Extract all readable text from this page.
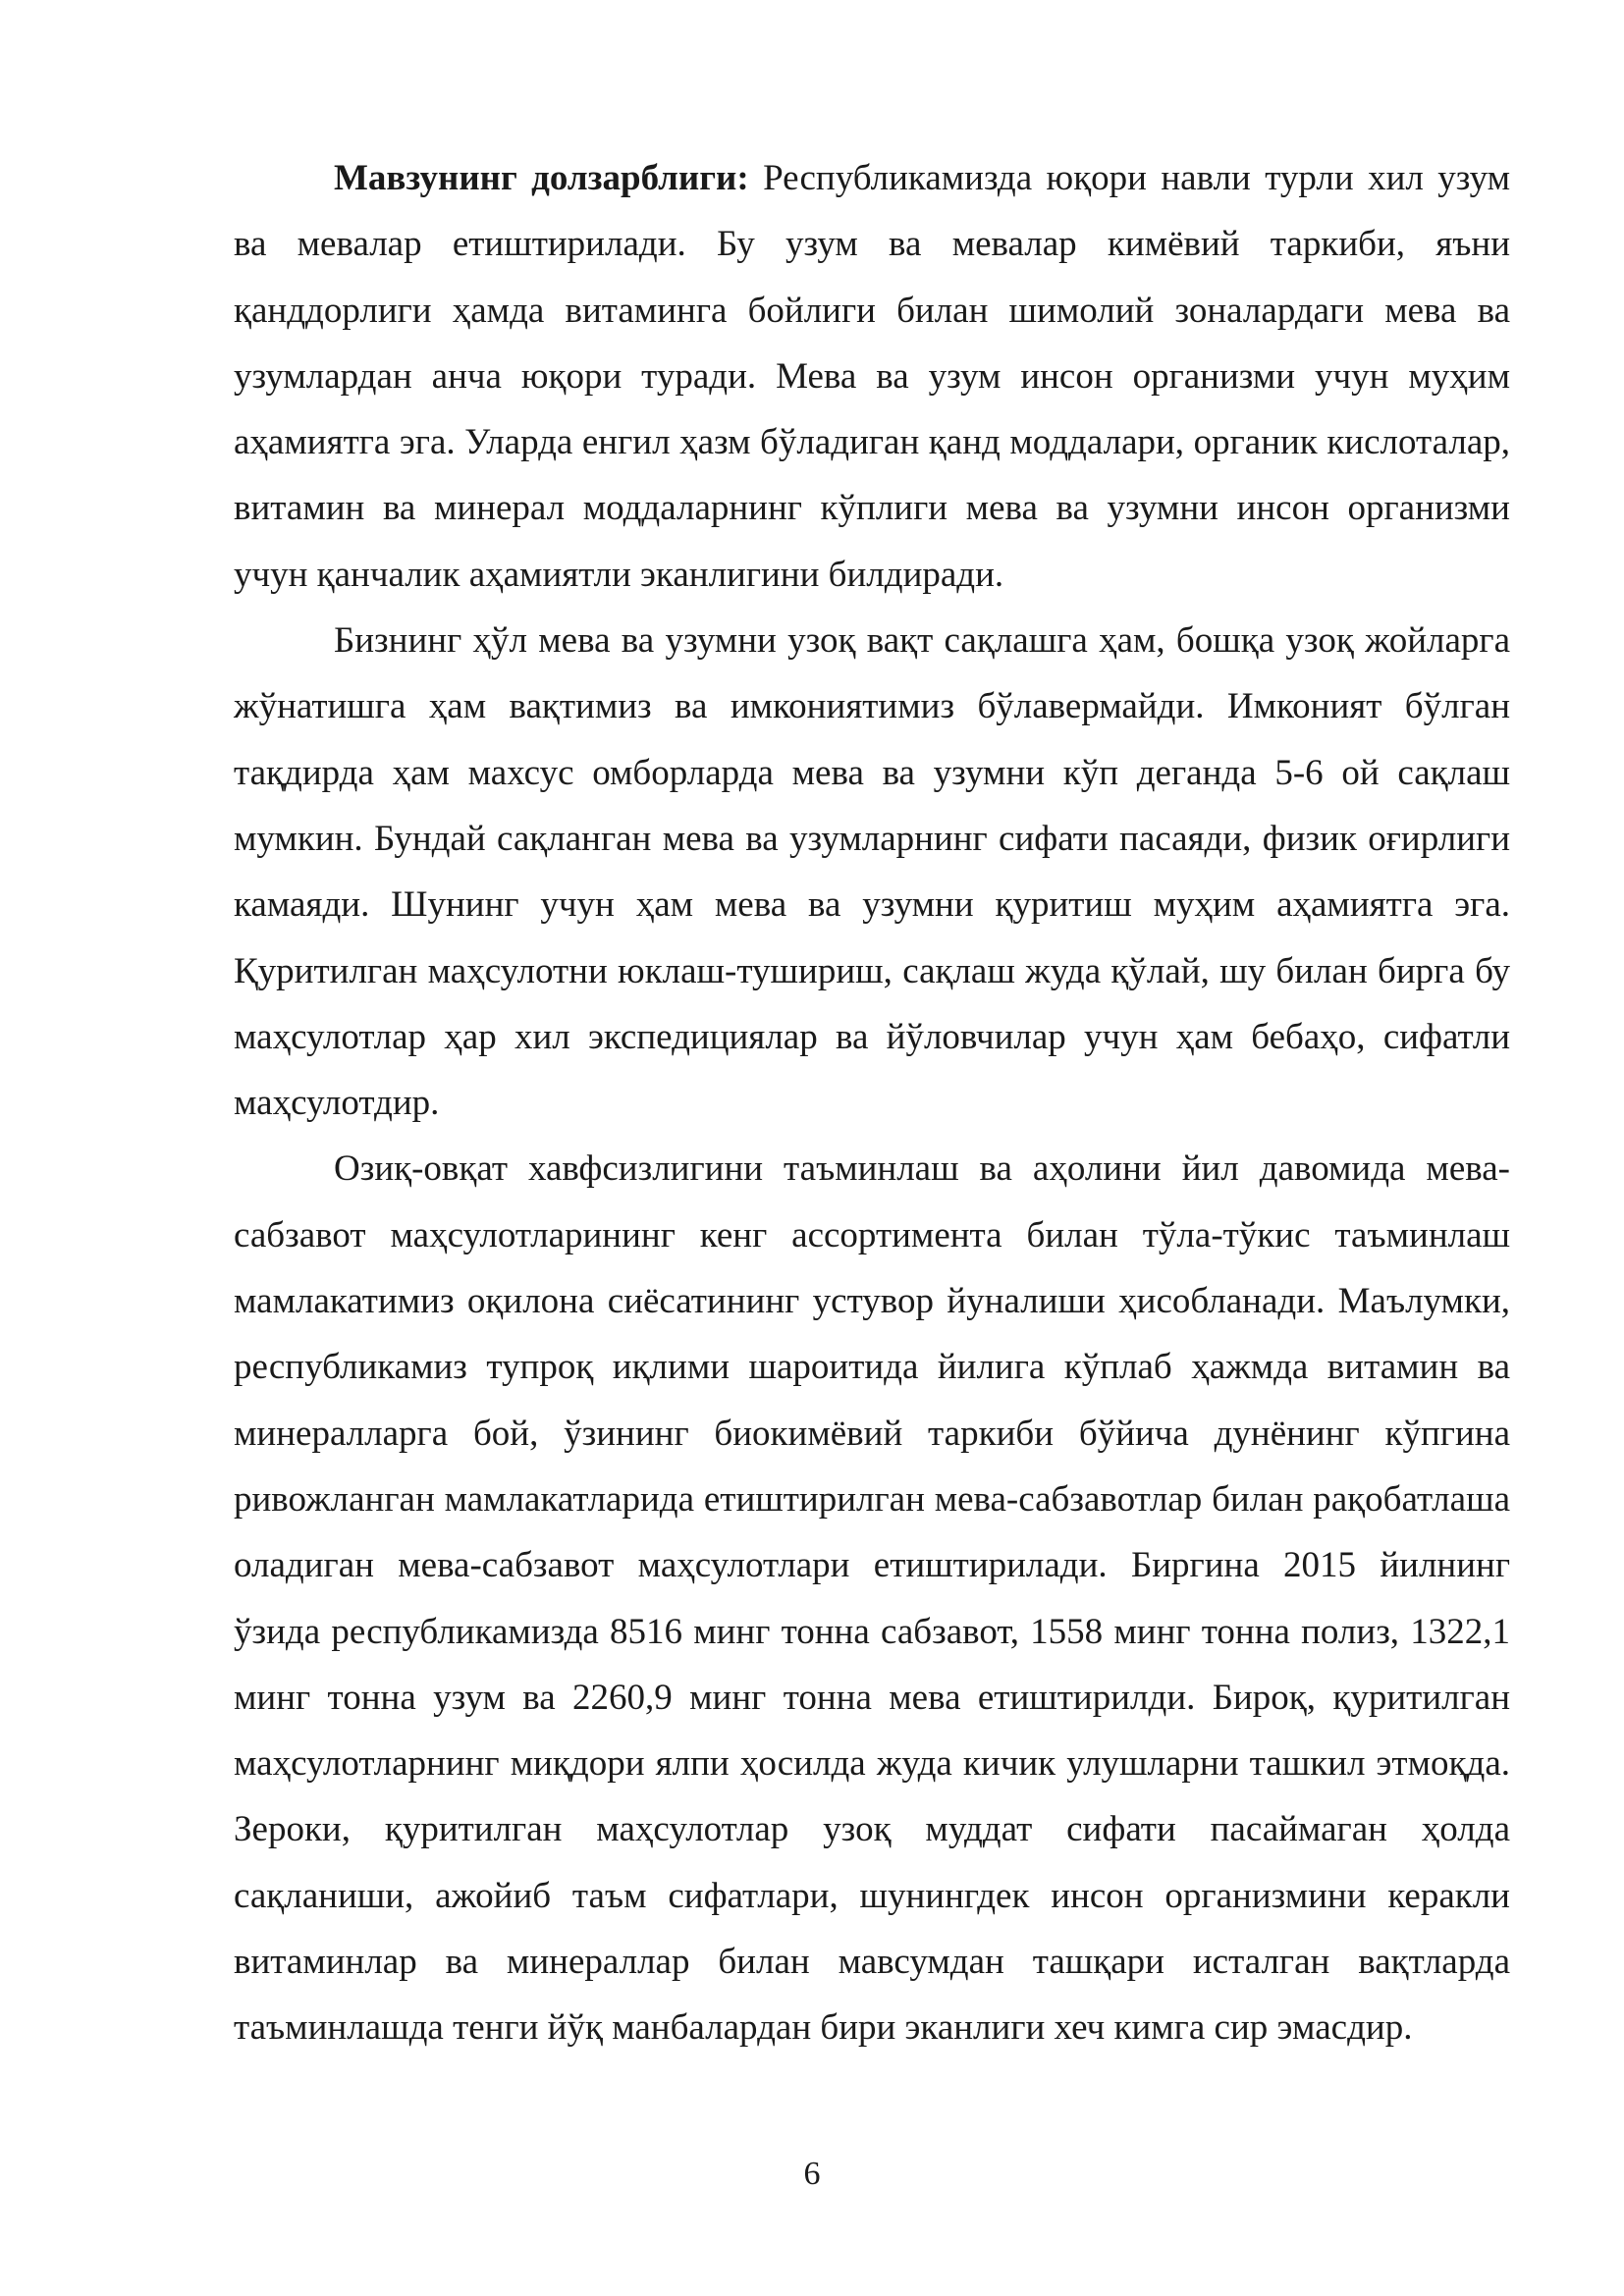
Мавзунинг долзарблиги: Республикамизда юқори навли турли хил узум ва мевалар етиштирилади. Бу узум ва мевалар кимёвий таркиби, яъни қанддорлиги ҳамда витаминга бойлиги билан шимолий зоналардаги мева ва узумлардан анча юқори туради. Мева ва узум инсон организми учун муҳим аҳамиятга эга. Уларда енгил ҳазм бўладиган қанд моддалари, органик кислоталар, витамин ва минерал моддаларнинг кўплиги мева ва узумни инсон организми учун қанчалик аҳамиятли эканлигини билдиради.

Бизнинг ҳўл мева ва узумни узоқ вақт сақлашга ҳам, бошқа узоқ жойларга жўнатишга ҳам вақтимиз ва имкониятимиз бўлавермайди. Имконият бўлган тақдирда ҳам махсус омборларда мева ва узумни кўп деганда 5-6 ой сақлаш мумкин. Бундай сақланган мева ва узумларнинг сифати пасаяди, физик оғирлиги камаяди. Шунинг учун ҳам мева ва узумни қуритиш муҳим аҳамиятга эга. Қуритилган маҳсулотни юклаш-тушириш, сақлаш жуда қўлай, шу билан бирга бу маҳсулотлар ҳар хил экспедициялар ва йўловчилар учун ҳам бебаҳо, сифатли маҳсулотдир.

Озиқ-овқат хавфсизлигини таъминлаш ва аҳолини йил давомида мева-сабзавот маҳсулотларининг кенг ассортимента билан тўла-тўкис таъминлаш мамлакатимиз оқилона сиёсатининг устувор йуналиши ҳисобланади. Маълумки, республикамиз тупроқ иқлими шароитида йилига кўплаб ҳажмда витамин ва минералларга бой, ўзининг биокимёвий таркиби бўйича дунёнинг кўпгина ривожланган мамлакатларида етиштирилган мева-сабзавотлар билан рақобатлаша оладиган мева-сабзавот маҳсулотлари етиштирилади. Биргина 2015 йилнинг ўзида республикамизда 8516 минг тонна сабзавот, 1558 минг тонна полиз, 1322,1 минг тонна узум ва 2260,9 минг тонна мева етиштирилди. Бироқ, қуритилган маҳсулотларнинг миқдори ялпи ҳосилда жуда кичик улушларни ташкил этмоқда. Зероки, қуритилган маҳсулотлар узоқ муддат сифати пасаймаган ҳолда сақланиши, ажойиб таъм сифатлари, шунингдек инсон организмини керакли витаминлар ва минераллар билан мавсумдан ташқари исталган вақтларда таъминлашда тенги йўқ манбалардан бири эканлиги хеч кимга сир эмасдир.

6
